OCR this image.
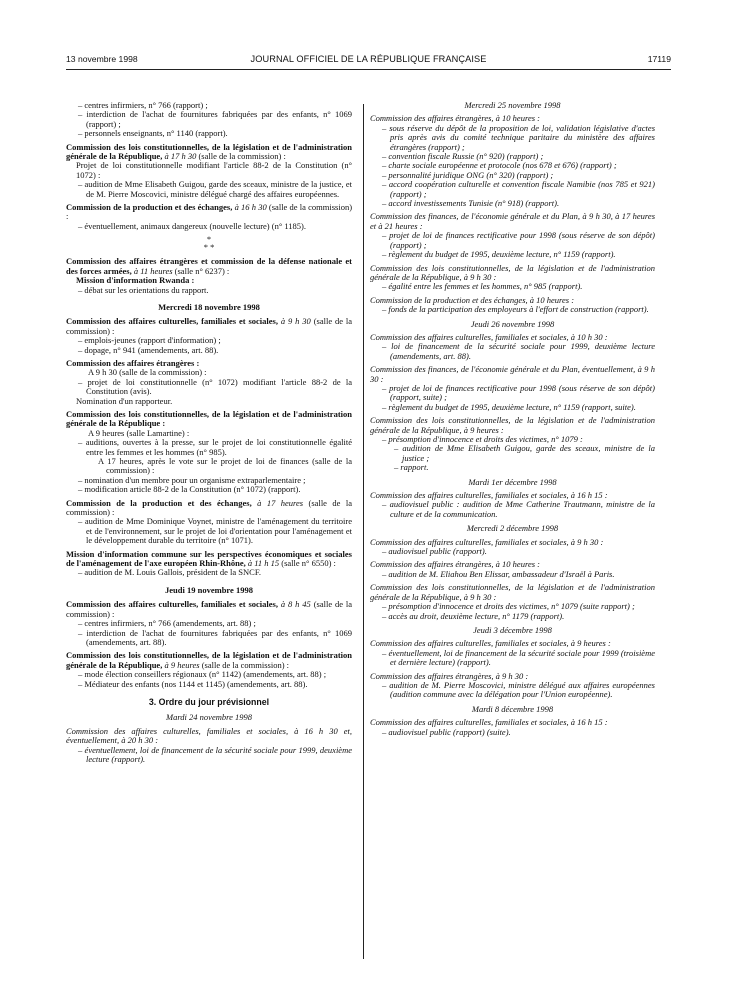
13 novembre 1998	JOURNAL OFFICIEL DE LA RÉPUBLIQUE FRANÇAISE	17119

– centres infirmiers, n° 766 (rapport) ;

– interdiction de l'achat de fournitures fabriquées par des enfants, n° 1069 (rapport) ;

– personnels enseignants, n° 1140 (rapport).

Commission des lois constitutionnelles, de la législation et de l'administration générale de la République, à 17 h 30 (salle de la commission) :

Projet de loi constitutionnelle modifiant l'article 88-2 de la Constitution (n° 1072) :

– audition de Mme Elisabeth Guigou, garde des sceaux, ministre de la justice, et de M. Pierre Moscovici, ministre délégué chargé des affaires européennes.

Commission de la production et des échanges, à 16 h 30 (salle de la commission) :

– éventuellement, animaux dangereux (nouvelle lecture) (n° 1185).

*
* *

Commission des affaires étrangères et commission de la défense nationale et des forces armées, à 11 heures (salle n° 6237) :

Mission d'information Rwanda :

– débat sur les orientations du rapport.

Mercredi 18 novembre 1998

Commission des affaires culturelles, familiales et sociales, à 9 h 30 (salle de la commission) :

– emplois-jeunes (rapport d'information) ;

– dopage, n° 941 (amendements, art. 88).

Commission des affaires étrangères :

A 9 h 30 (salle de la commission) :

– projet de loi constitutionnelle (n° 1072) modifiant l'article 88-2 de la Constitution (avis).

Nomination d'un rapporteur.

Commission des lois constitutionnelles, de la législation et de l'administration générale de la République :

A 9 heures (salle Lamartine) :

– auditions, ouvertes à la presse, sur le projet de loi constitutionnelle égalité entre les femmes et les hommes (n° 985).

A 17 heures, après le vote sur le projet de loi de finances (salle de la commission) :

– nomination d'un membre pour un organisme extraparlementaire ;

– modification article 88-2 de la Constitution (n° 1072) (rapport).

Commission de la production et des échanges, à 17 heures (salle de la commission) :

– audition de Mme Dominique Voynet, ministre de l'aménagement du territoire et de l'environnement, sur le projet de loi d'orientation pour l'aménagement et le développement durable du territoire (n° 1071).

Mission d'information commune sur les perspectives économiques et sociales de l'aménagement de l'axe européen Rhin-Rhône, à 11 h 15 (salle n° 6550) :

– audition de M. Louis Gallois, président de la SNCF.

Jeudi 19 novembre 1998

Commission des affaires culturelles, familiales et sociales, à 8 h 45 (salle de la commission) :

– centres infirmiers, n° 766 (amendements, art. 88) ;

– interdiction de l'achat de fournitures fabriquées par des enfants, n° 1069 (amendements, art. 88).

Commission des lois constitutionnelles, de la législation et de l'administration générale de la République, à 9 heures (salle de la commission) :

– mode élection conseillers régionaux (n° 1142) (amendements, art. 88) ;

– Médiateur des enfants (nos 1144 et 1145) (amendements, art. 88).

3. Ordre du jour prévisionnel
Mardi 24 novembre 1998

Commission des affaires culturelles, familiales et sociales, à 16 h 30 et, éventuellement, à 20 h 30 :

– éventuellement, loi de financement de la sécurité sociale pour 1999, deuxième lecture (rapport).

Mercredi 25 novembre 1998

Commission des affaires étrangères, à 10 heures :

– sous réserve du dépôt de la proposition de loi, validation législative d'actes pris après avis du comité technique paritaire du ministère des affaires étrangères (rapport) ;

– convention fiscale Russie (n° 920) (rapport) ;

– charte sociale européenne et protocole (nos 678 et 676) (rapport) ;

– personnalité juridique ONG (n° 320) (rapport) ;

– accord coopération culturelle et convention fiscale Namibie (nos 785 et 921) (rapport) ;

– accord investissements Tunisie (n° 918) (rapport).

Commission des finances, de l'économie générale et du Plan, à 9 h 30, à 17 heures et à 21 heures :

– projet de loi de finances rectificative pour 1998 (sous réserve de son dépôt) (rapport) ;

– règlement du budget de 1995, deuxième lecture, n° 1159 (rapport).

Commission des lois constitutionnelles, de la législation et de l'administration générale de la République, à 9 h 30 :

– égalité entre les femmes et les hommes, n° 985 (rapport).

Commission de la production et des échanges, à 10 heures :

– fonds de la participation des employeurs à l'effort de construction (rapport).

Jeudi 26 novembre 1998

Commission des affaires culturelles, familiales et sociales, à 10 h 30 :

– loi de financement de la sécurité sociale pour 1999, deuxième lecture (amendements, art. 88).

Commission des finances, de l'économie générale et du Plan, éventuellement, à 9 h 30 :

– projet de loi de finances rectificative pour 1998 (sous réserve de son dépôt) (rapport, suite) ;

– règlement du budget de 1995, deuxième lecture, n° 1159 (rapport, suite).

Commission des lois constitutionnelles, de la législation et de l'administration générale de la République, à 9 heures :

– présomption d'innocence et droits des victimes, n° 1079 :

– audition de Mme Elisabeth Guigou, garde des sceaux, ministre de la justice ;

– rapport.

Mardi 1er décembre 1998

Commission des affaires culturelles, familiales et sociales, à 16 h 15 :

– audiovisuel public : audition de Mme Catherine Trautmann, ministre de la culture et de la communication.

Mercredi 2 décembre 1998

Commission des affaires culturelles, familiales et sociales, à 9 h 30 :

– audiovisuel public (rapport).

Commission des affaires étrangères, à 10 heures :

– audition de M. Eliahou Ben Elissar, ambassadeur d'Israël à Paris.

Commission des lois constitutionnelles, de la législation et de l'administration générale de la République, à 9 h 30 :

– présomption d'innocence et droits des victimes, n° 1079 (suite rapport) ;

– accès au droit, deuxième lecture, n° 1179 (rapport).

Jeudi 3 décembre 1998

Commission des affaires culturelles, familiales et sociales, à 9 heures :

– éventuellement, loi de financement de la sécurité sociale pour 1999 (troisième et dernière lecture) (rapport).

Commission des affaires étrangères, à 9 h 30 :

– audition de M. Pierre Moscovici, ministre délégué aux affaires européennes (audition commune avec la délégation pour l'Union européenne).

Mardi 8 décembre 1998

Commission des affaires culturelles, familiales et sociales, à 16 h 15 :

– audiovisuel public (rapport) (suite).
